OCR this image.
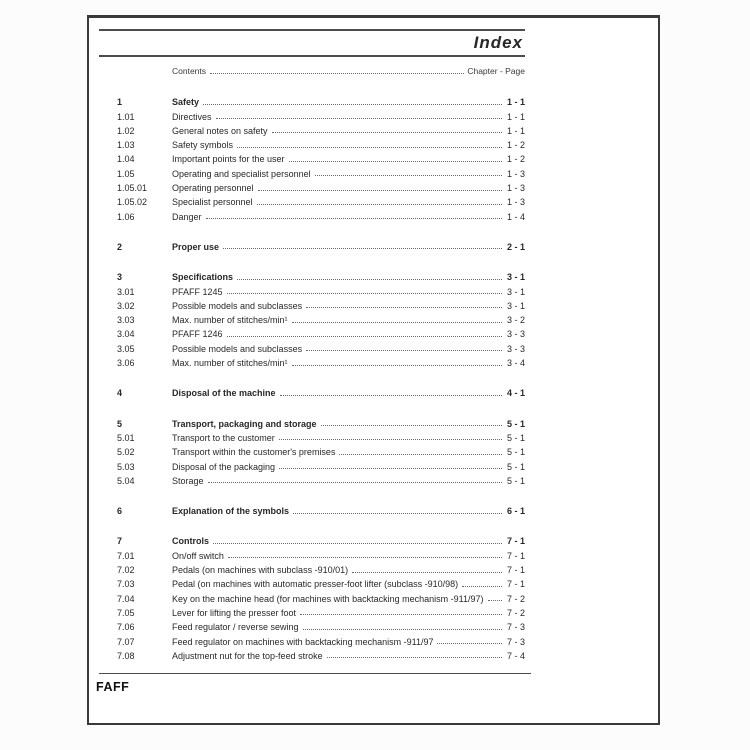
Index
Contents	Chapter - Page
1	Safety	1 - 1
1.01	Directives	1 - 1
1.02	General notes on safety	1 - 1
1.03	Safety symbols	1 - 2
1.04	Important points for the user	1 - 2
1.05	Operating and specialist personnel	1 - 3
1.05.01	Operating personnel	1 - 3
1.05.02	Specialist personnel	1 - 3
1.06	Danger	1 - 4
2	Proper use	2 - 1
3	Specifications	3 - 1
3.01	PFAFF 1245	3 - 1
3.02	Possible models and subclasses	3 - 1
3.03	Max. number of stitches/min¹	3 - 2
3.04	PFAFF 1246	3 - 3
3.05	Possible models and subclasses	3 - 3
3.06	Max. number of stitches/min¹	3 - 4
4	Disposal of the machine	4 - 1
5	Transport, packaging and storage	5 - 1
5.01	Transport to the customer	5 - 1
5.02	Transport within the customer's premises	5 - 1
5.03	Disposal of the packaging	5 - 1
5.04	Storage	5 - 1
6	Explanation of the symbols	6 - 1
7	Controls	7 - 1
7.01	On/off switch	7 - 1
7.02	Pedals (on machines with subclass -910/01)	7 - 1
7.03	Pedal (on machines with automatic presser-foot lifter (subclass -910/98)	7 - 1
7.04	Key on the machine head (for machines with backtacking mechanism -911/97)	7 - 2
7.05	Lever for lifting the presser foot	7 - 2
7.06	Feed regulator / reverse sewing	7 - 3
7.07	Feed regulator on machines with backtacking mechanism -911/97	7 - 3
7.08	Adjustment nut for the top-feed stroke	7 - 4
FAFF
